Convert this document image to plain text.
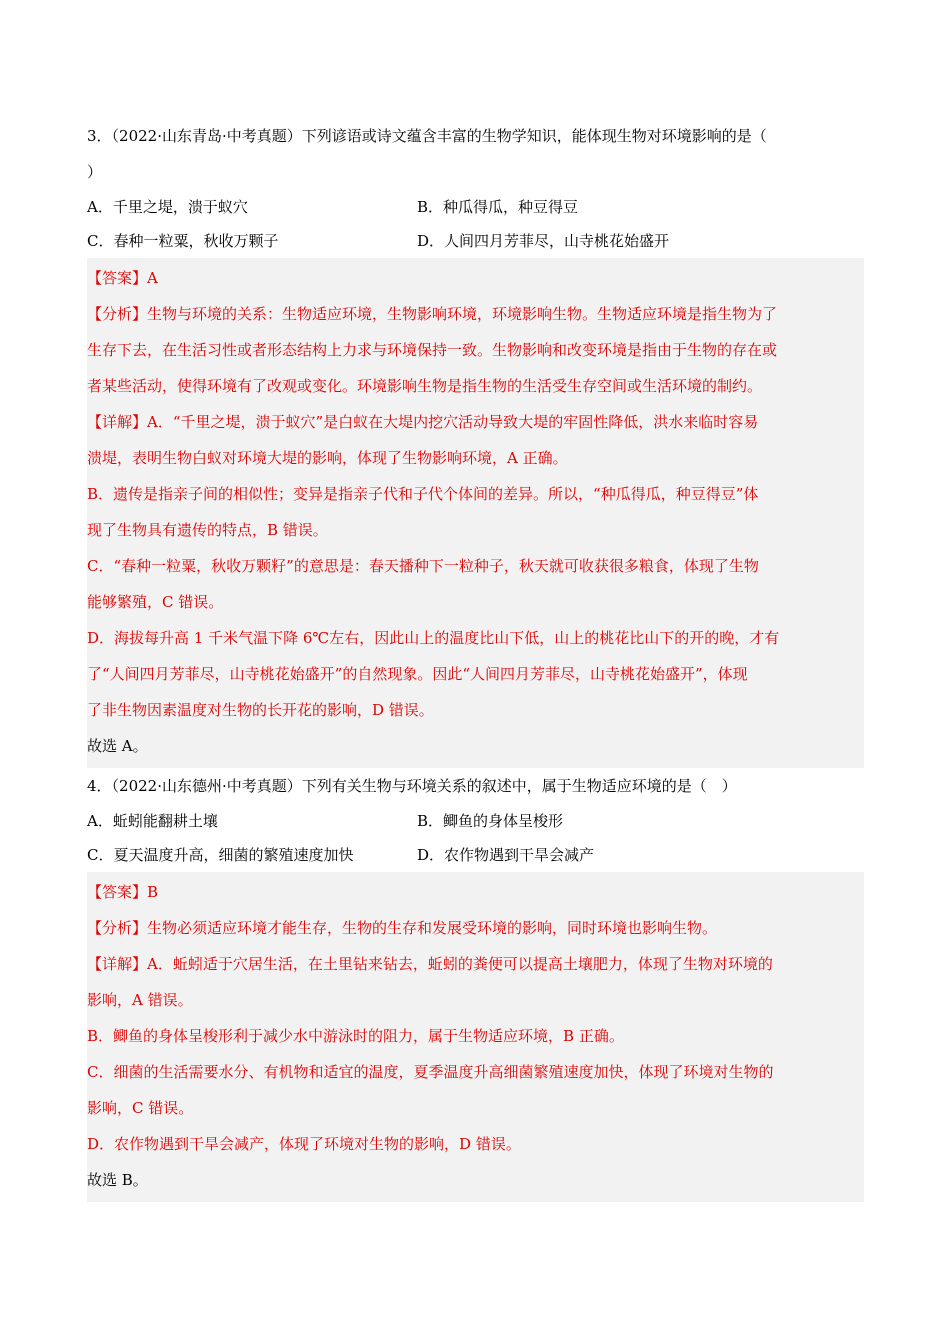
3．（2022·山东青岛·中考真题）下列谚语或诗文蕴含丰富的生物学知识，能体现生物对环境影响的是（
）
A．千里之堤，溃于蚁穴	B．种瓜得瓜，种豆得豆
C．春种一粒粟，秋收万颗子	D．人间四月芳菲尽，山寺桃花始盛开

【答案】A

【分析】生物与环境的关系：生物适应环境，生物影响环境，环境影响生物。生物适应环境是指生物为了

生存下去，在生活习性或者形态结构上力求与环境保持一致。生物影响和改变环境是指由于生物的存在或

者某些活动，使得环境有了改观或变化。环境影响生物是指生物的生活受生存空间或生活环境的制约。

【详解】A．“千里之堤，溃于蚁穴”是白蚁在大堤内挖穴活动导致大堤的牢固性降低，洪水来临时容易

溃堤，表明生物白蚁对环境大堤的影响，体现了生物影响环境，A 正确。

B．遗传是指亲子间的相似性；变异是指亲子代和子代个体间的差异。所以，“种瓜得瓜，种豆得豆”体

现了生物具有遗传的特点，B 错误。

C．“春种一粒粟，秋收万颗籽”的意思是：春天播种下一粒种子，秋天就可收获很多粮食，体现了生物

能够繁殖，C 错误。

D．海拔每升高 1 千米气温下降 6℃左右，因此山上的温度比山下低，山上的桃花比山下的开的晚，才有

了“人间四月芳菲尽，山寺桃花始盛开”的自然现象。因此“人间四月芳菲尽，山寺桃花始盛开”，体现

了非生物因素温度对生物的长开花的影响，D 错误。

故选 A。

4．（2022·山东德州·中考真题）下列有关生物与环境关系的叙述中，属于生物适应环境的是（　）
A．蚯蚓能翻耕土壤	B．鲫鱼的身体呈梭形
C．夏天温度升高，细菌的繁殖速度加快	D．农作物遇到干旱会减产

【答案】B

【分析】生物必须适应环境才能生存，生物的生存和发展受环境的影响，同时环境也影响生物。

【详解】A．蚯蚓适于穴居生活，在土里钻来钻去，蚯蚓的粪便可以提高土壤肥力，体现了生物对环境的

影响，A 错误。

B．鲫鱼的身体呈梭形利于减少水中游泳时的阻力，属于生物适应环境，B 正确。

C．细菌的生活需要水分、有机物和适宜的温度，夏季温度升高细菌繁殖速度加快，体现了环境对生物的

影响，C 错误。

D．农作物遇到干旱会减产，体现了环境对生物的影响，D 错误。

故选 B。
